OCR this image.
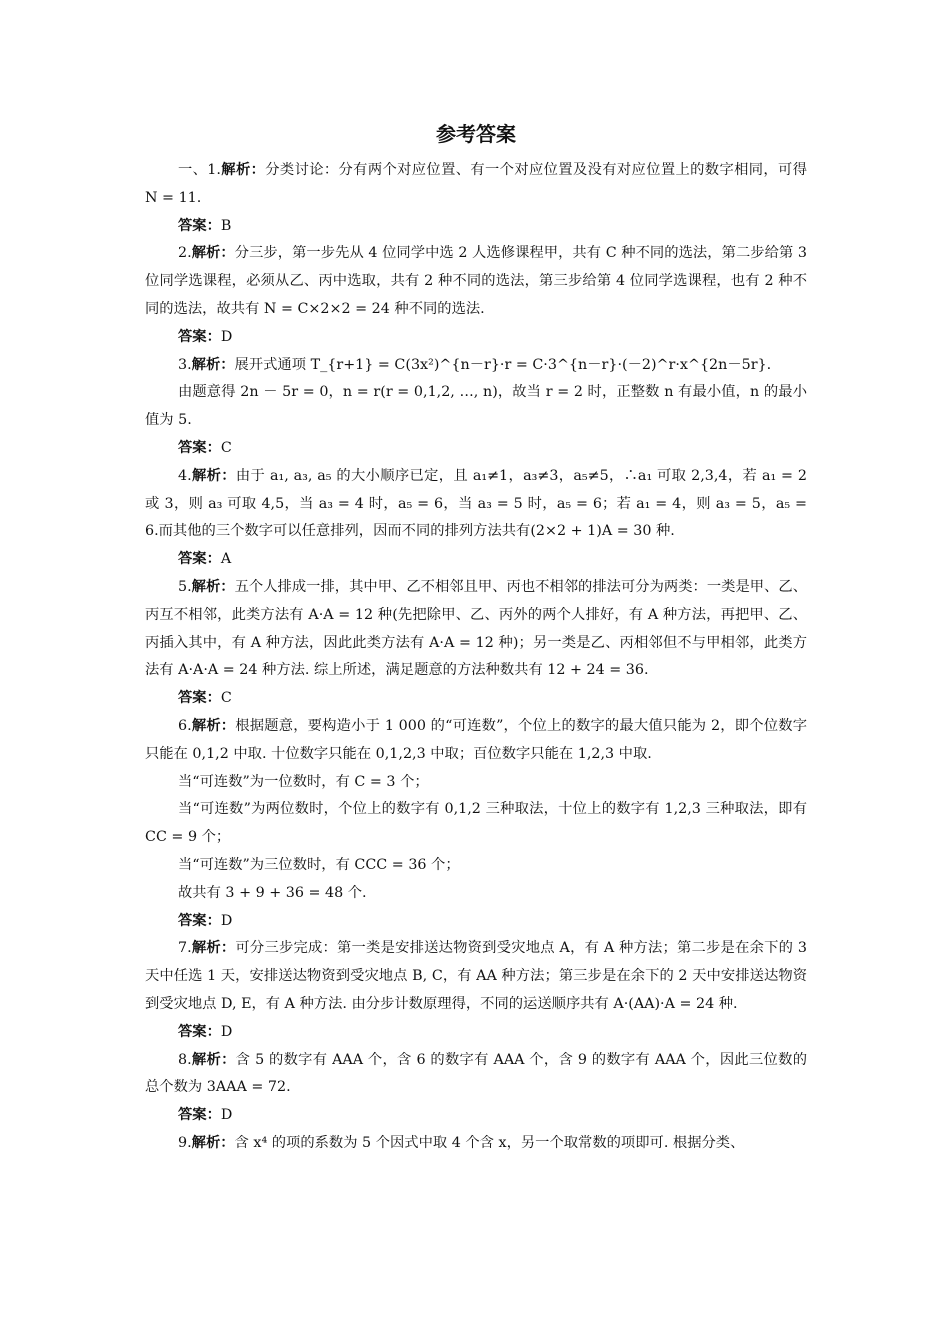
参考答案

一、1.解析：分类讨论：分有两个对应位置、有一个对应位置及没有对应位置上的数字相同，可得 N = 11.

答案：B

2.解析：分三步，第一步先从 4 位同学中选 2 人选修课程甲，共有 C 种不同的选法，第二步给第 3 位同学选课程，必须从乙、丙中选取，共有 2 种不同的选法，第三步给第 4 位同学选课程，也有 2 种不同的选法，故共有 N = C×2×2 = 24 种不同的选法.

答案：D

3.解析：展开式通项 T_{r+1} = C(3x²)^{n－r}·r = C·3^{n－r}·(－2)^r·x^{2n－5r}.

由题意得 2n － 5r = 0，n = r(r = 0,1,2, …, n)，故当 r = 2 时，正整数 n 有最小值，n 的最小值为 5.

答案：C

4.解析：由于 a₁, a₃, a₅ 的大小顺序已定，且 a₁≠1，a₃≠3，a₅≠5，∴a₁ 可取 2,3,4，若 a₁ = 2 或 3，则 a₃ 可取 4,5，当 a₃ = 4 时，a₅ = 6，当 a₃ = 5 时，a₅ = 6；若 a₁ = 4，则 a₃ = 5，a₅ = 6.而其他的三个数字可以任意排列，因而不同的排列方法共有(2×2 + 1)A = 30 种.

答案：A

5.解析：五个人排成一排，其中甲、乙不相邻且甲、丙也不相邻的排法可分为两类：一类是甲、乙、丙互不相邻，此类方法有 A·A = 12 种(先把除甲、乙、丙外的两个人排好，有 A 种方法，再把甲、乙、丙插入其中，有 A 种方法，因此此类方法有 A·A = 12 种)；另一类是乙、丙相邻但不与甲相邻，此类方法有 A·A·A = 24 种方法. 综上所述，满足题意的方法种数共有 12 + 24 = 36.

答案：C

6.解析：根据题意，要构造小于 1 000 的“可连数”，个位上的数字的最大值只能为 2，即个位数字只能在 0,1,2 中取. 十位数字只能在 0,1,2,3 中取；百位数字只能在 1,2,3 中取.

当“可连数”为一位数时，有 C = 3 个；

当“可连数”为两位数时，个位上的数字有 0,1,2 三种取法，十位上的数字有 1,2,3 三种取法，即有 CC = 9 个；

当“可连数”为三位数时，有 CCC = 36 个；

故共有 3 + 9 + 36 = 48 个.

答案：D

7.解析：可分三步完成：第一类是安排送达物资到受灾地点 A，有 A 种方法；第二步是在余下的 3 天中任选 1 天，安排送达物资到受灾地点 B, C，有 AA 种方法；第三步是在余下的 2 天中安排送达物资到受灾地点 D, E，有 A 种方法. 由分步计数原理得，不同的运送顺序共有 A·(AA)·A = 24 种.

答案：D

8.解析：含 5 的数字有 AAA 个，含 6 的数字有 AAA 个，含 9 的数字有 AAA 个，因此三位数的总个数为 3AAA = 72.

答案：D

9.解析：含 x⁴ 的项的系数为 5 个因式中取 4 个含 x，另一个取常数的项即可. 根据分类、
